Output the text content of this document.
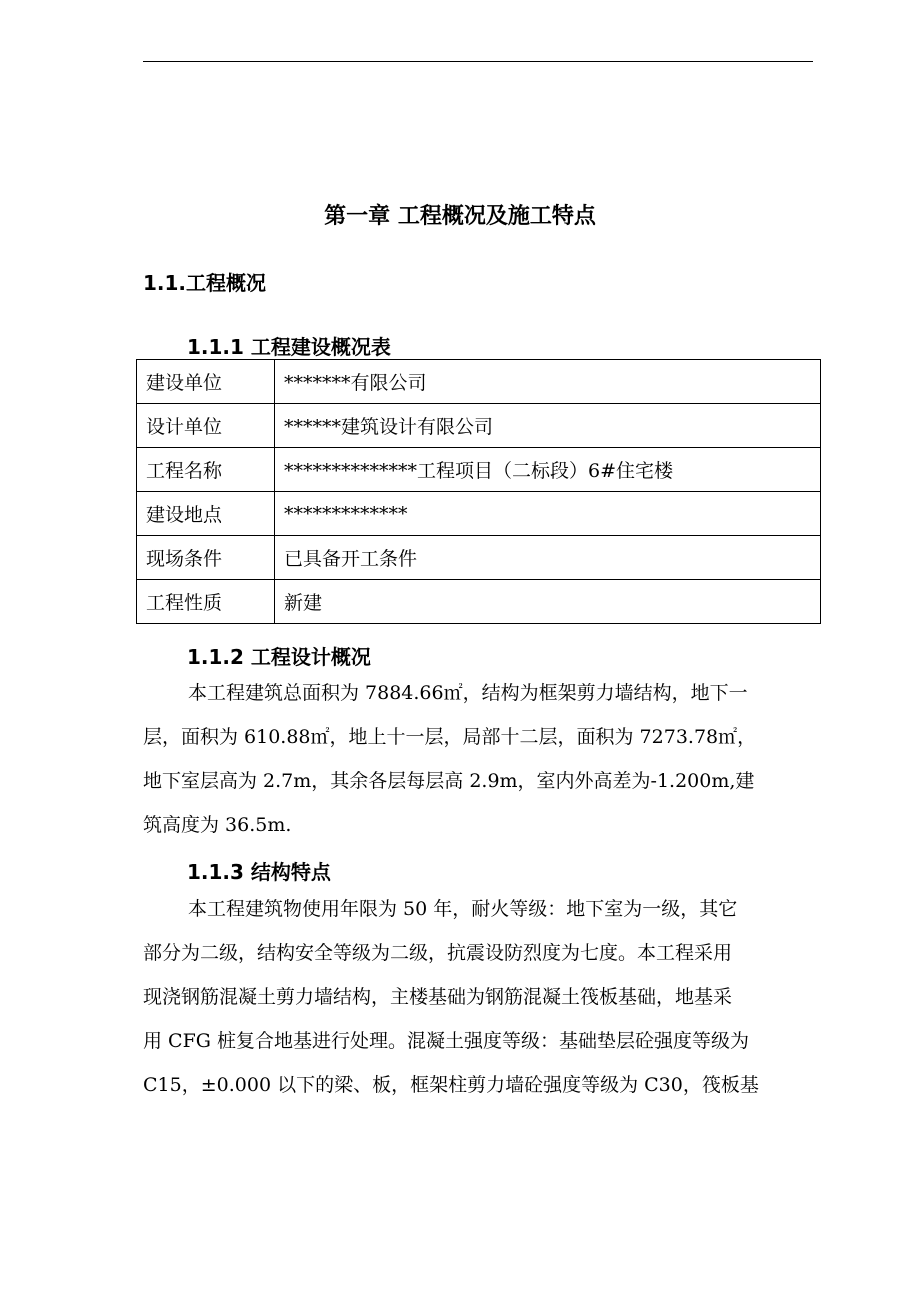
第一章 工程概况及施工特点
1.1.工程概况
1.1.1 工程建设概况表
建设单位	*******有限公司
设计单位	******建筑设计有限公司
工程名称	**************工程项目（二标段）6#住宅楼
建设地点	*************
现场条件	已具备开工条件
工程性质	新建
1.1.2 工程设计概况
本工程建筑总面积为 7884.66㎡，结构为框架剪力墙结构，地下一
层，面积为 610.88㎡，地上十一层，局部十二层，面积为 7273.78㎡，
地下室层高为 2.7m，其余各层每层高 2.9m，室内外高差为-1.200m,建
筑高度为 36.5m.
1.1.3 结构特点
本工程建筑物使用年限为 50 年，耐火等级：地下室为一级，其它
部分为二级，结构安全等级为二级，抗震设防烈度为七度。本工程采用
现浇钢筋混凝土剪力墙结构，主楼基础为钢筋混凝土筏板基础，地基采
用 CFG 桩复合地基进行处理。混凝土强度等级：基础垫层砼强度等级为
C15，±0.000 以下的梁、板，框架柱剪力墙砼强度等级为 C30，筏板基
